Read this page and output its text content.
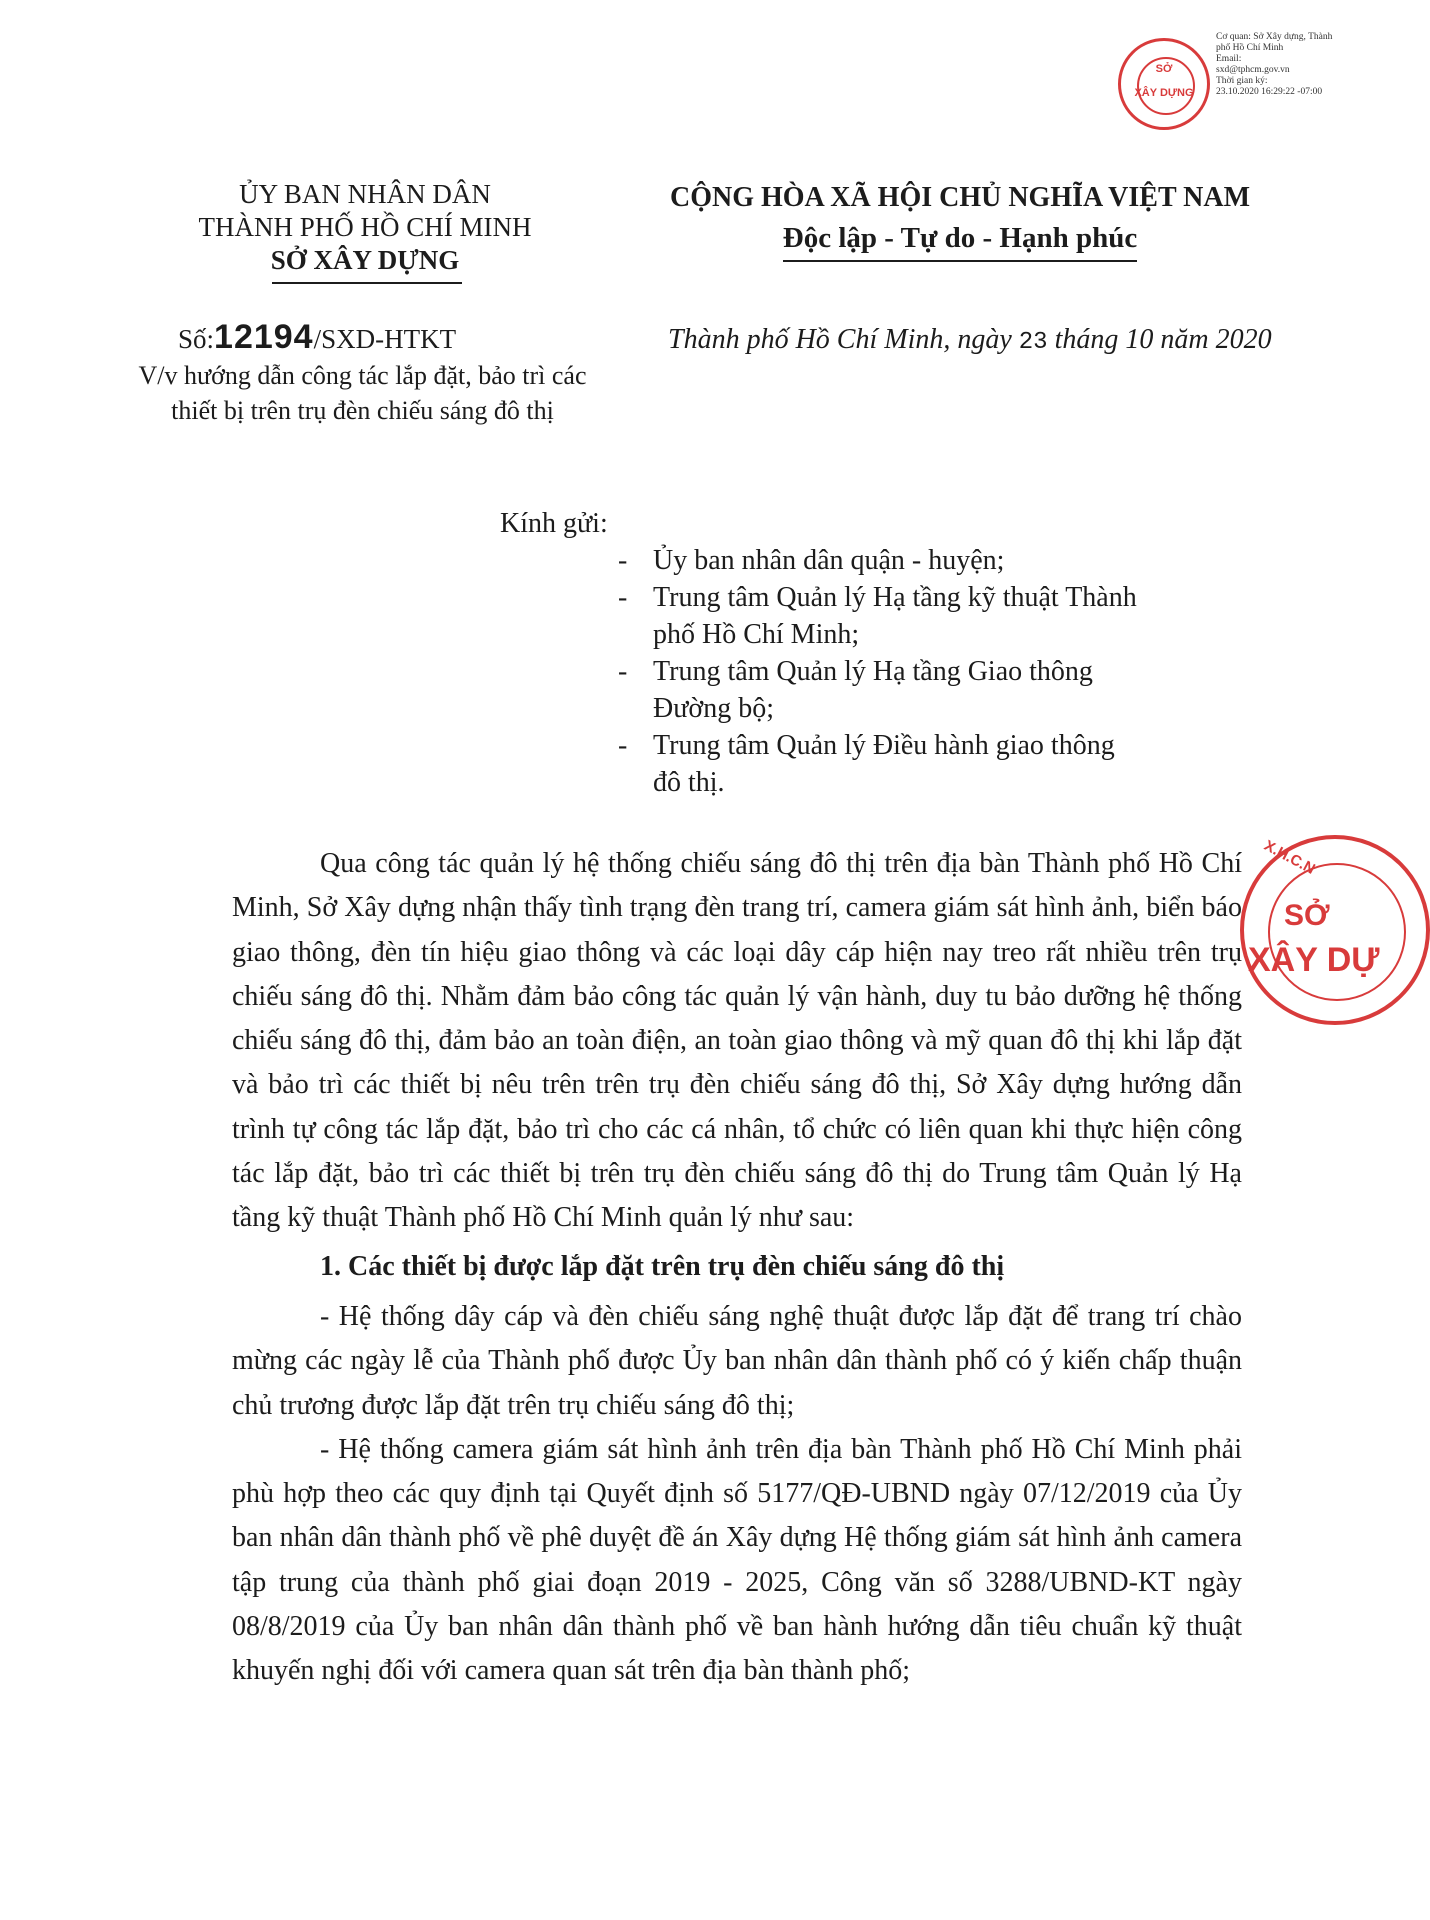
SỞ
XÂY DỰNG
Cơ quan: Sở Xây dựng, Thành phố Hồ Chí Minh
Email:
sxd@tphcm.gov.vn
Thời gian ký:
23.10.2020 16:29:22 -07:00
ỦY BAN NHÂN DÂN
THÀNH PHỐ HỒ CHÍ MINH
SỞ XÂY DỰNG
CỘNG HÒA XÃ HỘI CHỦ NGHĨA VIỆT NAM
Độc lập - Tự do - Hạnh phúc
Số:12194/SXD-HTKT
V/v hướng dẫn công tác lắp đặt, bảo trì các
thiết bị trên trụ đèn chiếu sáng đô thị
Thành phố Hồ Chí Minh, ngày 23 tháng 10 năm 2020
Kính gửi:
- Ủy ban nhân dân quận - huyện;
- Trung tâm Quản lý Hạ tầng kỹ thuật Thành phố Hồ Chí Minh;
- Trung tâm Quản lý Hạ tầng Giao thông Đường bộ;
- Trung tâm Quản lý Điều hành giao thông đô thị.

Qua công tác quản lý hệ thống chiếu sáng đô thị trên địa bàn Thành phố Hồ Chí Minh, Sở Xây dựng nhận thấy tình trạng đèn trang trí, camera giám sát hình ảnh, biển báo giao thông, đèn tín hiệu giao thông và các loại dây cáp hiện nay treo rất nhiều trên trụ chiếu sáng đô thị. Nhằm đảm bảo công tác quản lý vận hành, duy tu bảo dưỡng hệ thống chiếu sáng đô thị, đảm bảo an toàn điện, an toàn giao thông và mỹ quan đô thị khi lắp đặt và bảo trì các thiết bị nêu trên trên trụ đèn chiếu sáng đô thị, Sở Xây dựng hướng dẫn trình tự công tác lắp đặt, bảo trì cho các cá nhân, tổ chức có liên quan khi thực hiện công tác lắp đặt, bảo trì các thiết bị trên trụ đèn chiếu sáng đô thị do Trung tâm Quản lý Hạ tầng kỹ thuật Thành phố Hồ Chí Minh quản lý như sau:

1. Các thiết bị được lắp đặt trên trụ đèn chiếu sáng đô thị

- Hệ thống dây cáp và đèn chiếu sáng nghệ thuật được lắp đặt để trang trí chào mừng các ngày lễ của Thành phố được Ủy ban nhân dân thành phố có ý kiến chấp thuận chủ trương được lắp đặt trên trụ chiếu sáng đô thị;

- Hệ thống camera giám sát hình ảnh trên địa bàn Thành phố Hồ Chí Minh phải phù hợp theo các quy định tại Quyết định số 5177/QĐ-UBND ngày 07/12/2019 của Ủy ban nhân dân thành phố về phê duyệt đề án Xây dựng Hệ thống giám sát hình ảnh camera tập trung của thành phố giai đoạn 2019 - 2025, Công văn số 3288/UBND-KT ngày 08/8/2019 của Ủy ban nhân dân thành phố về ban hành hướng dẫn tiêu chuẩn kỹ thuật khuyến nghị đối với camera quan sát trên địa bàn thành phố;

X.H.C.N
SỞ
XÂY DỰ
